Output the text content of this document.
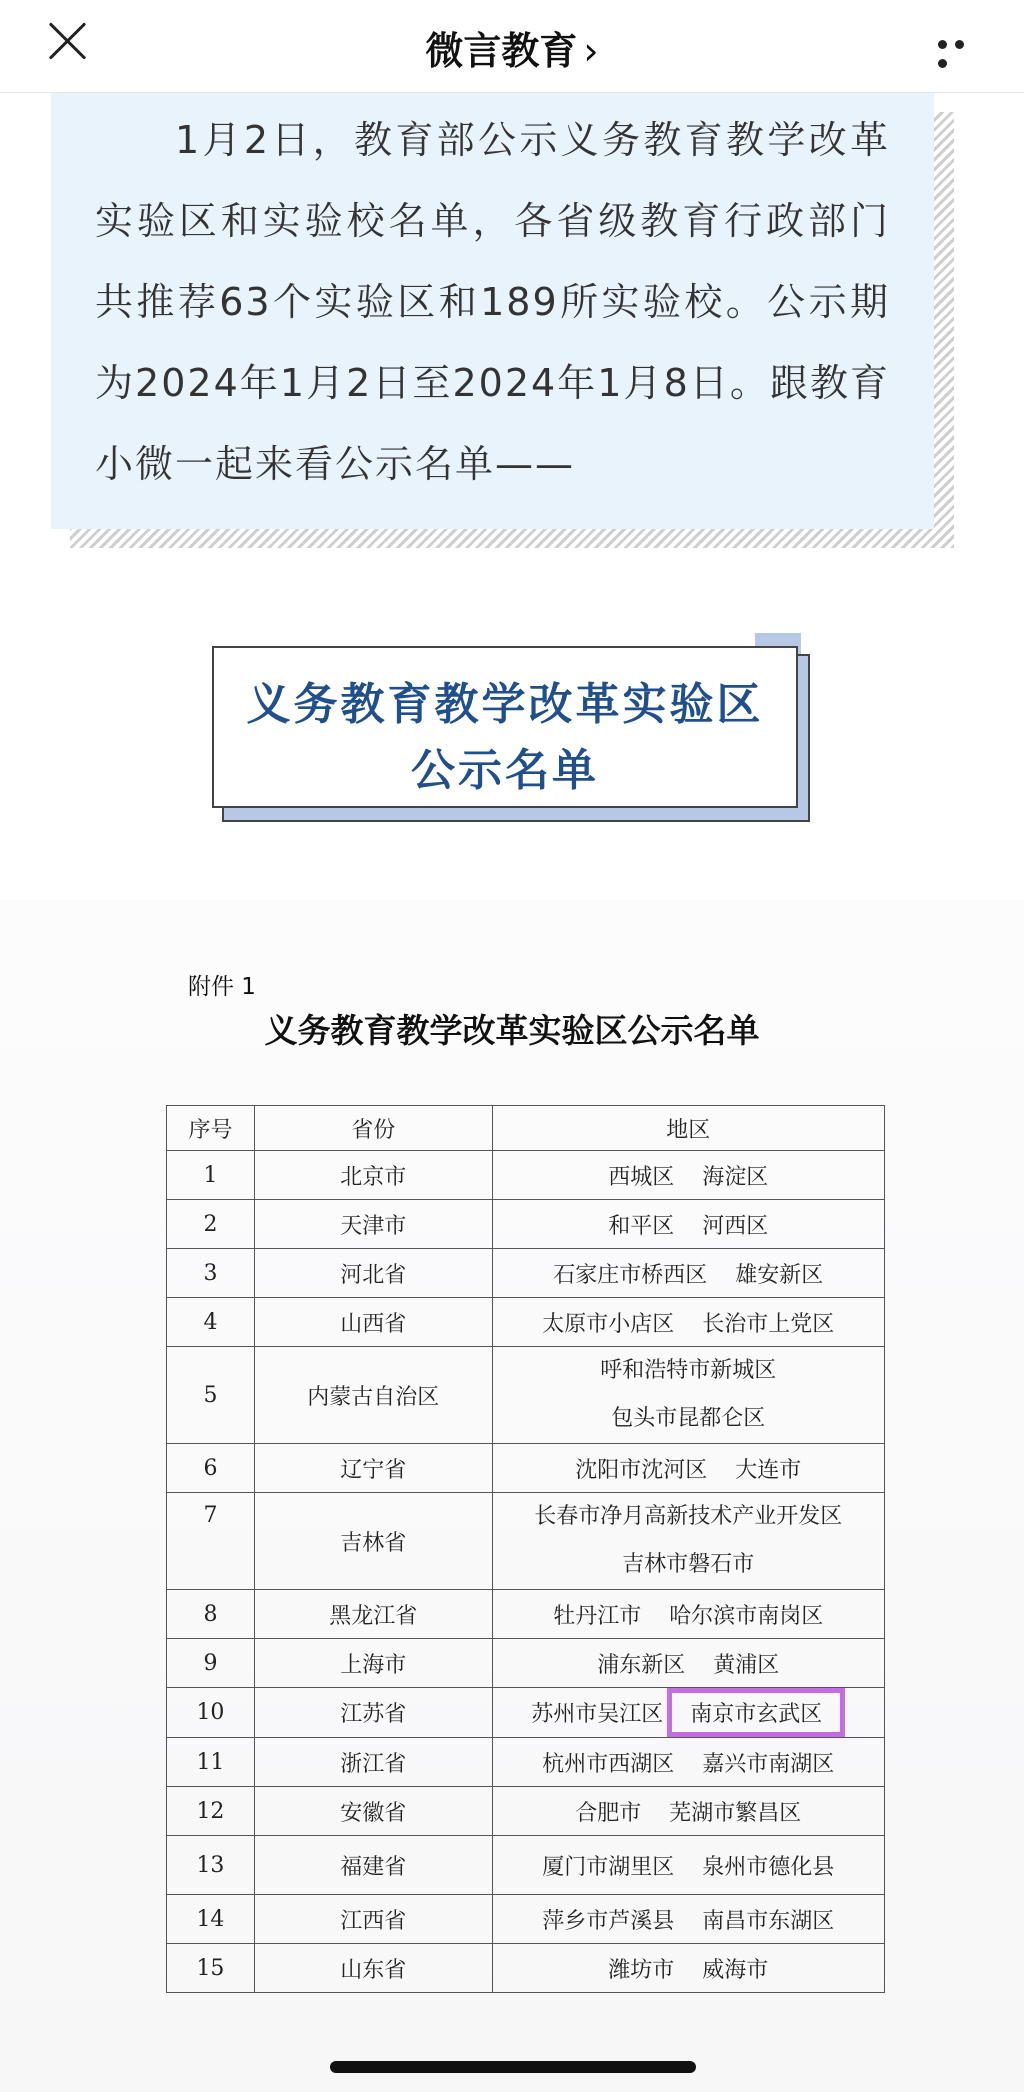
微言教育 ›

1月2日，教育部公示义务教育教学改革实验区和实验校名单，各省级教育行政部门共推荐63个实验区和189所实验校。公示期为2024年1月2日至2024年1月8日。跟教育小微一起来看公示名单——

义务教育教学改革实验区
公示名单
附件 1
义务教育教学改革实验区公示名单
序号	省份	地区
1	北京市	西城区 海淀区
2	天津市	和平区 河西区
3	河北省	石家庄市桥西区 雄安新区
4	山西省	太原市小店区 长治市上党区
5	内蒙古自治区	呼和浩特市新城区
包头市昆都仑区

6	辽宁省	沈阳市沈河区 大连市
7	吉林省	长春市净月高新技术产业开发区
吉林市磐石市

8	黑龙江省	牡丹江市 哈尔滨市南岗区
9	上海市	浦东新区 黄浦区
10	江苏省	苏州市吴江区 南京市玄武区
11	浙江省	杭州市西湖区 嘉兴市南湖区
12	安徽省	合肥市 芜湖市繁昌区
13	福建省	厦门市湖里区 泉州市德化县
14	江西省	萍乡市芦溪县 南昌市东湖区
15	山东省	潍坊市 威海市
